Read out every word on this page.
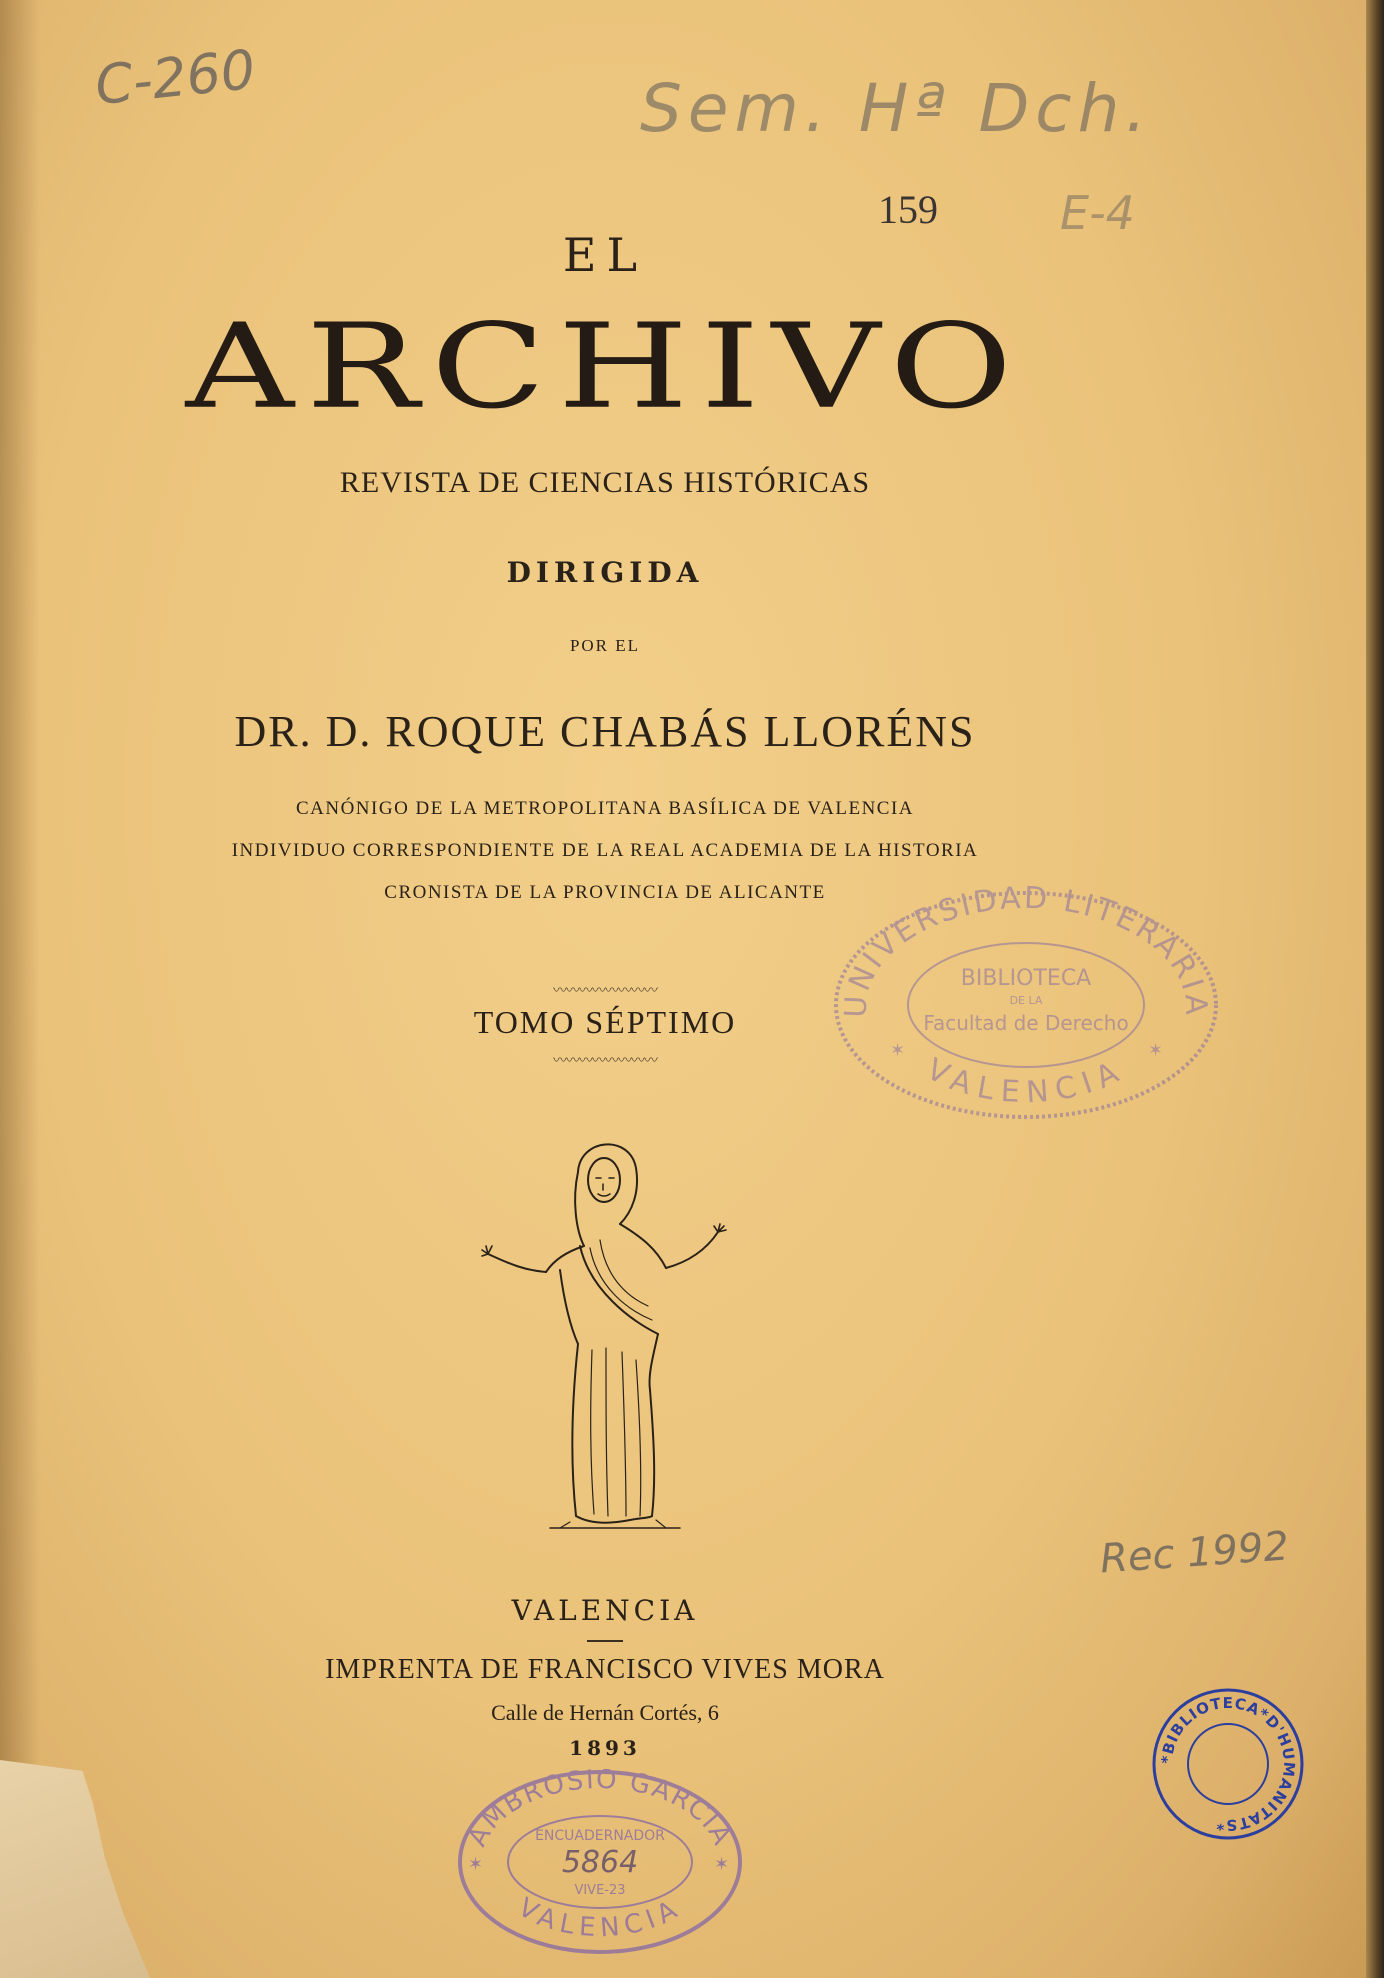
C-260	Sem. Hª Dch.
159	E-4
Rec 1992
EL
ARCHIVO
REVISTA DE CIENCIAS HISTÓRICAS
DIRIGIDA
POR EL
DR. D. ROQUE CHABÁS LLORÉNS
CANÓNIGO DE LA METROPOLITANA BASÍLICA DE VALENCIA
INDIVIDUO CORRESPONDIENTE DE LA REAL ACADEMIA DE LA HISTORIA
CRONISTA DE LA PROVINCIA DE ALICANTE
〰〰〰〰〰〰〰〰
TOMO SÉPTIMO
〰〰〰〰〰〰〰〰
VALENCIA
IMPRENTA DE FRANCISCO VIVES MORA
Calle de Hernán Cortés, 6
1893
UNIVERSIDAD LITERARIA
VALENCIA
BIBLIOTECA
DE LA
Facultad de Derecho
✶	✶
AMBROSIO GARCIA
VALENCIA
ENCUADERNADOR
5864
VIVE-23
✶	✶
*BIBLIOTECA*D'HUMANITATS*
